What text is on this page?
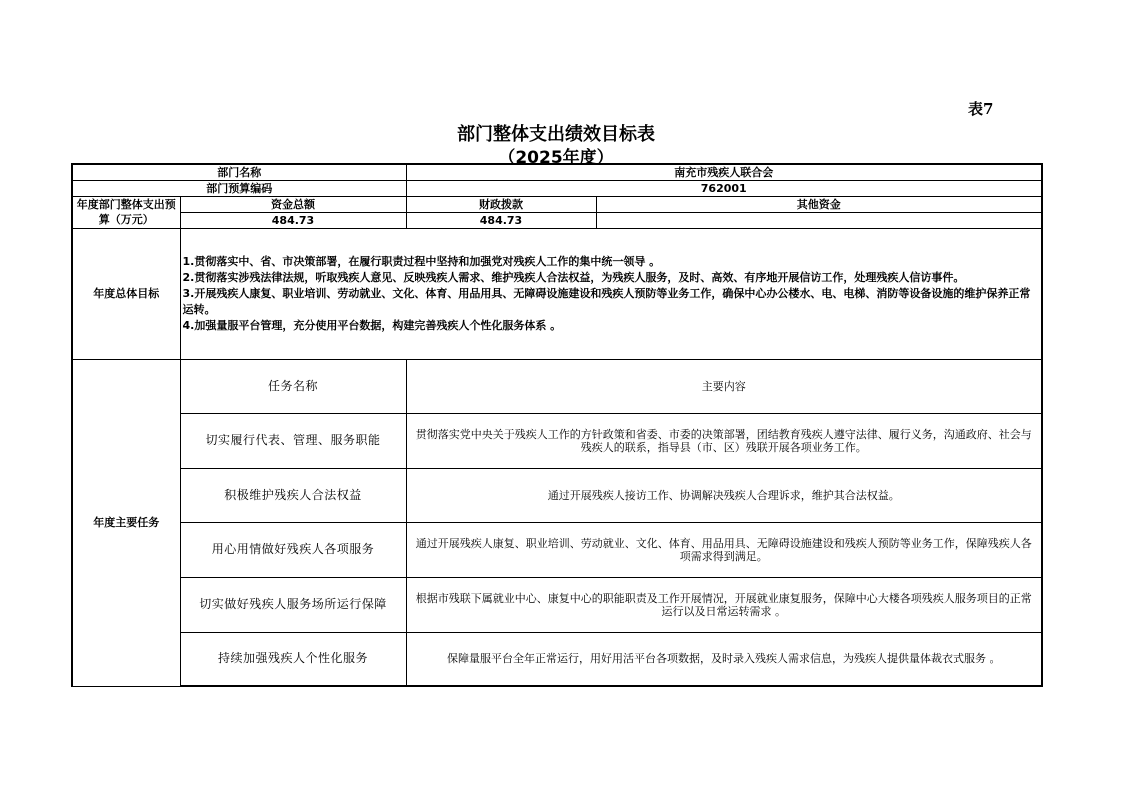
表7
部门整体支出绩效目标表
（2025年度）
部门名称		南充市残疾人联合会	
部门预算编码		762001	
年度部门整体支出预算（万元）	资金总额	财政拨款	其他资金
	484.73	484.73	
年度总体目标	1.贯彻落实中、省、市决策部署，在履行职责过程中坚持和加强党对残疾人工作的集中统一领导 。
2.贯彻落实涉残法律法规，听取残疾人意见、反映残疾人需求、维护残疾人合法权益，为残疾人服务，及时、高效、有序地开展信访工作，处理残疾人信访事件。
3.开展残疾人康复、职业培训、劳动就业、文化、体育、用品用具、无障碍设施建设和残疾人预防等业务工作，确保中心办公楼水、电、电梯、消防等设备设施的维护保养正常运转。
4.加强量服平台管理，充分使用平台数据，构建完善残疾人个性化服务体系 。		

年度主要任务	任务名称	主要内容	
	切实履行代表、管理、服务职能	贯彻落实党中央关于残疾人工作的方针政策和省委、市委的决策部署，团结教育残疾人遵守法律、履行义务，沟通政府、社会与残疾人的联系，指导县（市、区）残联开展各项业务工作。	
	积极维护残疾人合法权益	通过开展残疾人接访工作、协调解决残疾人合理诉求，维护其合法权益。	
	用心用情做好残疾人各项服务	通过开展残疾人康复、职业培训、劳动就业、文化、体育、用品用具、无障碍设施建设和残疾人预防等业务工作，保障残疾人各项需求得到满足。	
	切实做好残疾人服务场所运行保障	根据市残联下属就业中心、康复中心的职能职责及工作开展情况，开展就业康复服务，保障中心大楼各项残疾人服务项目的正常运行以及日常运转需求 。	
	持续加强残疾人个性化服务	保障量服平台全年正常运行，用好用活平台各项数据，及时录入残疾人需求信息，为残疾人提供量体裁衣式服务 。	
